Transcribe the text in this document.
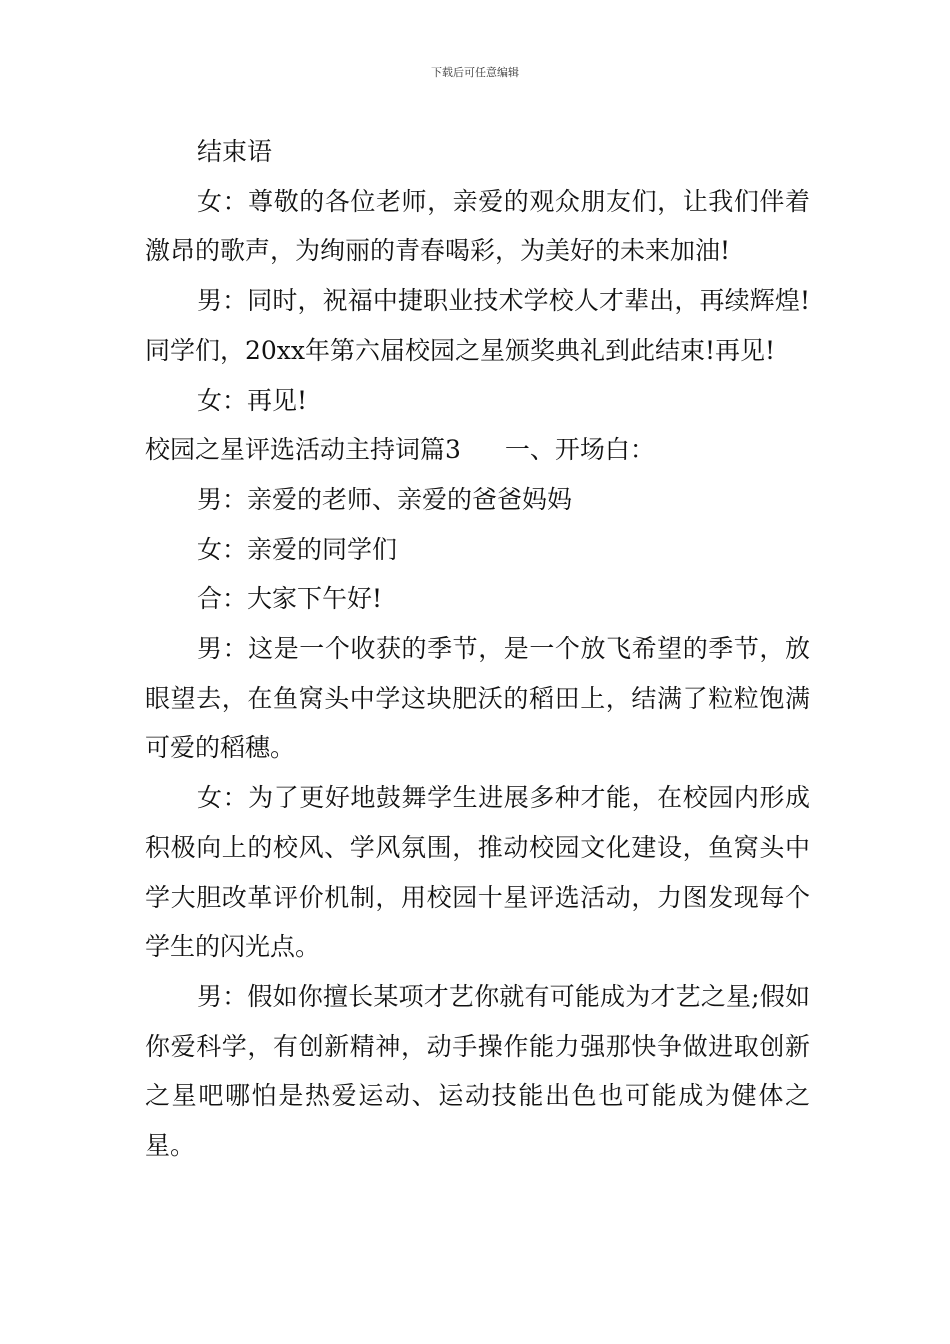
下载后可任意编辑

结束语

女：尊敬的各位老师，亲爱的观众朋友们，让我们伴着激昂的歌声，为绚丽的青春喝彩，为美好的未来加油!

男：同时，祝福中捷职业技术学校人才辈出，再续辉煌!同学们，20xx年第六届校园之星颁奖典礼到此结束!再见!

女：再见!

校园之星评选活动主持词篇3 一、开场白：

男：亲爱的老师、亲爱的爸爸妈妈

女：亲爱的同学们

合：大家下午好!

男：这是一个收获的季节，是一个放飞希望的季节，放眼望去，在鱼窝头中学这块肥沃的稻田上，结满了粒粒饱满可爱的稻穗。

女：为了更好地鼓舞学生进展多种才能，在校园内形成积极向上的校风、学风氛围，推动校园文化建设，鱼窝头中学大胆改革评价机制，用校园十星评选活动，力图发现每个学生的闪光点。

男：假如你擅长某项才艺你就有可能成为才艺之星;假如你爱科学，有创新精神，动手操作能力强那快争做进取创新之星吧哪怕是热爱运动、运动技能出色也可能成为健体之星。
